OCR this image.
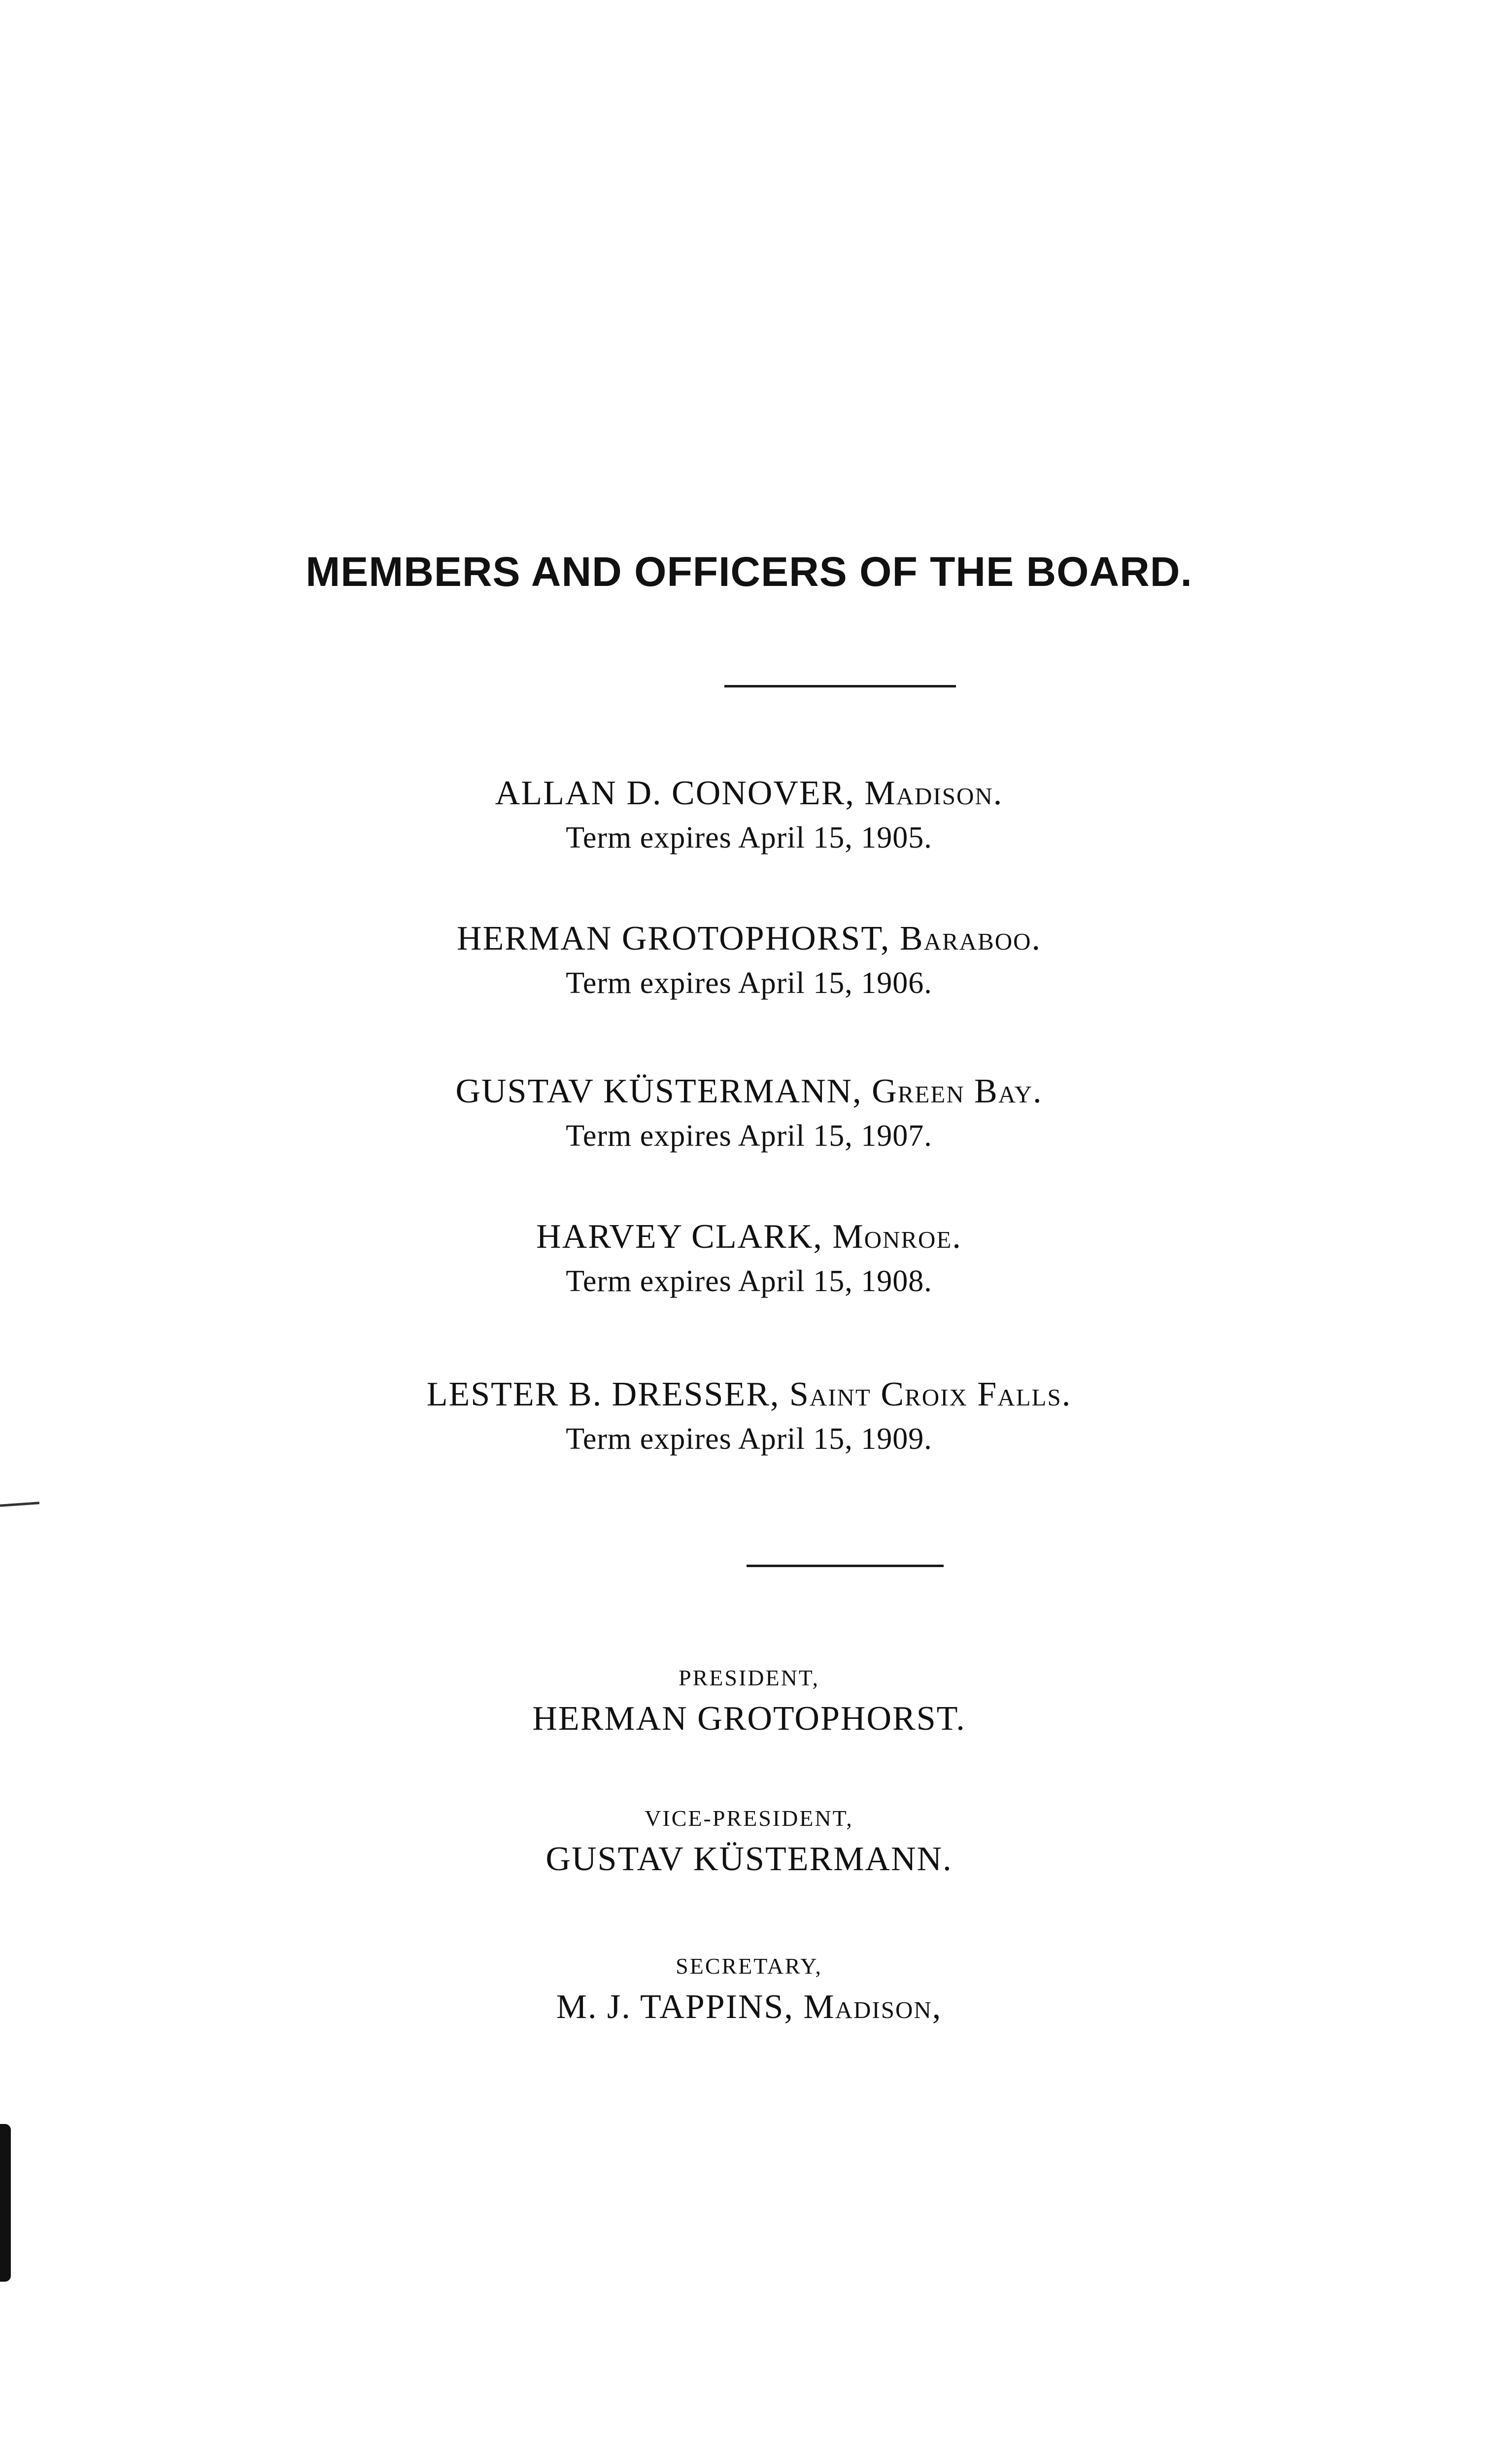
MEMBERS AND OFFICERS OF THE BOARD.
ALLAN D. CONOVER, Madison.
Term expires April 15, 1905.
HERMAN GROTOPHORST, Baraboo.
Term expires April 15, 1906.
GUSTAV KÜSTERMANN, Green Bay.
Term expires April 15, 1907.
HARVEY CLARK, Monroe.
Term expires April 15, 1908.
LESTER B. DRESSER, Saint Croix Falls.
Term expires April 15, 1909.
PRESIDENT,
HERMAN GROTOPHORST.
VICE-PRESIDENT,
GUSTAV KÜSTERMANN.
SECRETARY,
M. J. TAPPINS, Madison,
